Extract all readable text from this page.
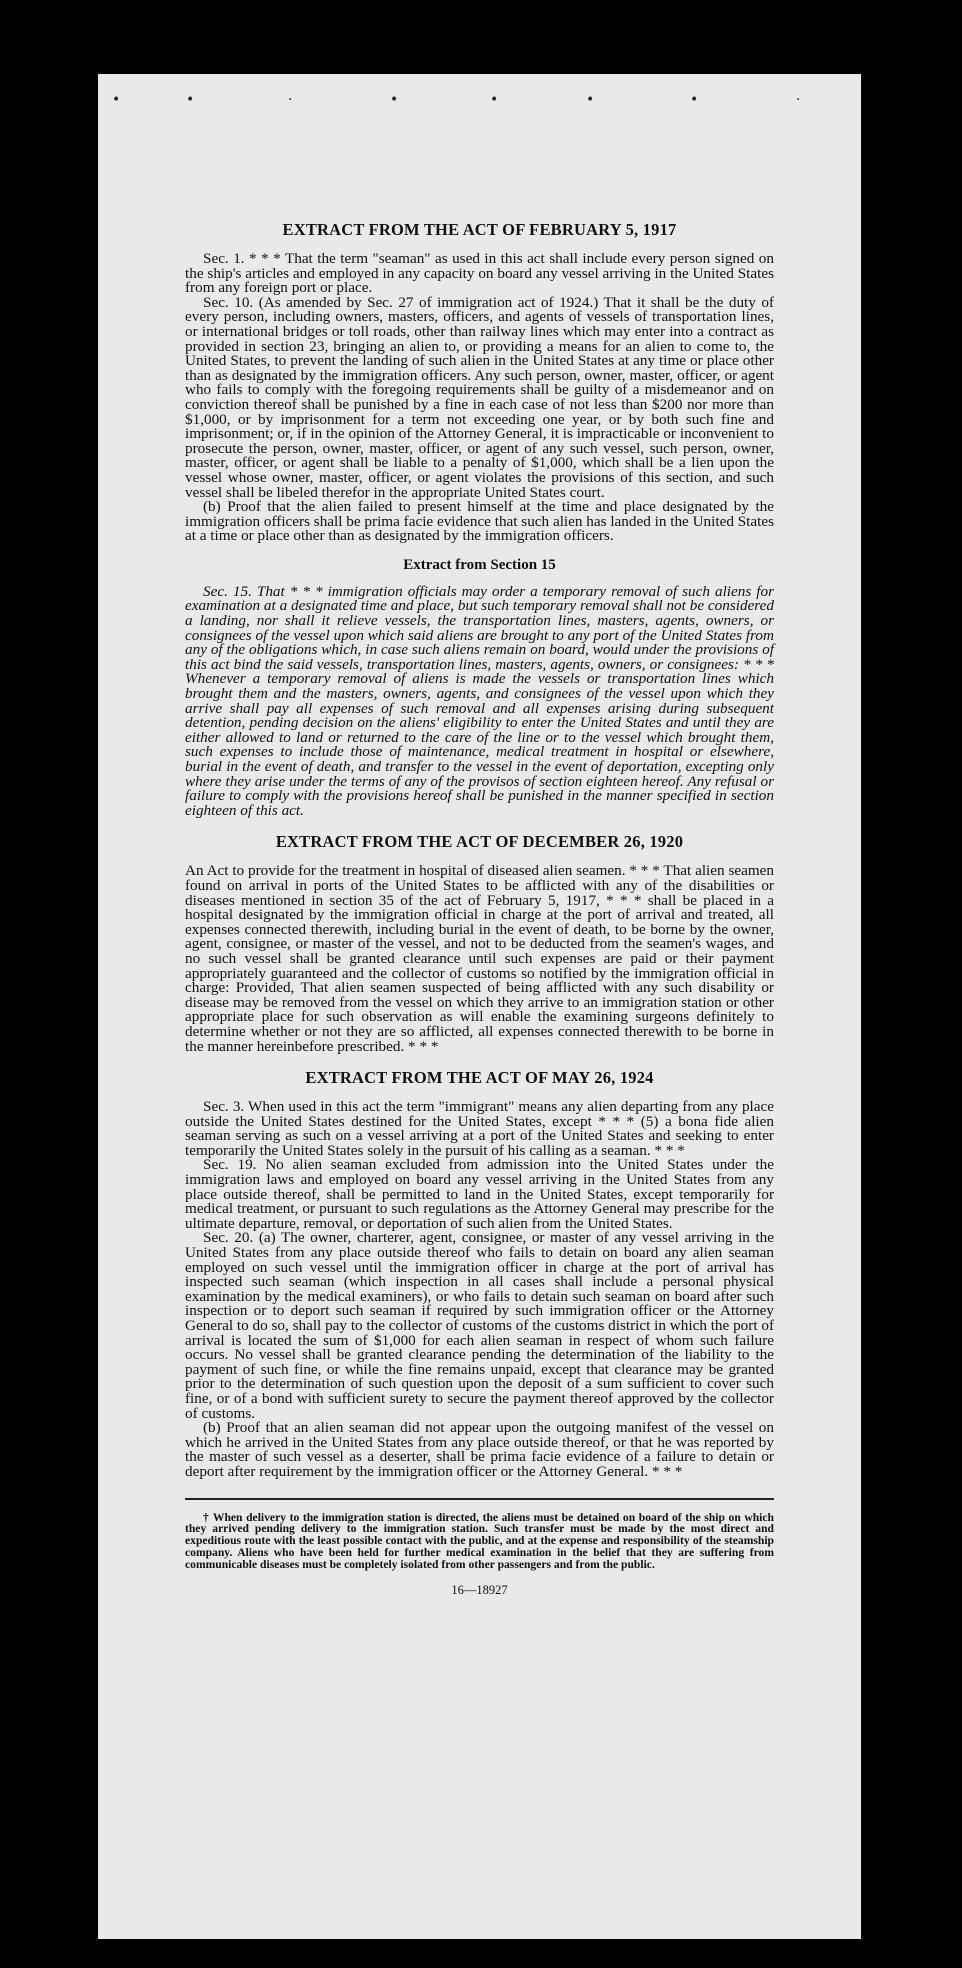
•	•	·	•	•	•	•	·
EXTRACT FROM THE ACT OF FEBRUARY 5, 1917

Sec. 1. * * * That the term "seaman" as used in this act shall include every person signed on the ship's articles and employed in any capacity on board any vessel arriving in the United States from any foreign port or place.

Sec. 10. (As amended by Sec. 27 of immigration act of 1924.) That it shall be the duty of every person, including owners, masters, officers, and agents of vessels of transportation lines, or international bridges or toll roads, other than railway lines which may enter into a contract as provided in section 23, bringing an alien to, or providing a means for an alien to come to, the United States, to prevent the landing of such alien in the United States at any time or place other than as designated by the immigration officers. Any such person, owner, master, officer, or agent who fails to comply with the foregoing requirements shall be guilty of a misdemeanor and on conviction thereof shall be punished by a fine in each case of not less than $200 nor more than $1,000, or by imprisonment for a term not exceeding one year, or by both such fine and imprisonment; or, if in the opinion of the Attorney General, it is impracticable or inconvenient to prosecute the person, owner, master, officer, or agent of any such vessel, such person, owner, master, officer, or agent shall be liable to a penalty of $1,000, which shall be a lien upon the vessel whose owner, master, officer, or agent violates the provisions of this section, and such vessel shall be libeled therefor in the appropriate United States court.

(b) Proof that the alien failed to present himself at the time and place designated by the immigration officers shall be prima facie evidence that such alien has landed in the United States at a time or place other than as designated by the immigration officers.

Extract from Section 15

Sec. 15. That * * * immigration officials may order a temporary removal of such aliens for examination at a designated time and place, but such temporary removal shall not be considered a landing, nor shall it relieve vessels, the transportation lines, masters, agents, owners, or consignees of the vessel upon which said aliens are brought to any port of the United States from any of the obligations which, in case such aliens remain on board, would under the provisions of this act bind the said vessels, transportation lines, masters, agents, owners, or consignees: * * * Whenever a temporary removal of aliens is made the vessels or transportation lines which brought them and the masters, owners, agents, and consignees of the vessel upon which they arrive shall pay all expenses of such removal and all expenses arising during subsequent detention, pending decision on the aliens' eligibility to enter the United States and until they are either allowed to land or returned to the care of the line or to the vessel which brought them, such expenses to include those of maintenance, medical treatment in hospital or elsewhere, burial in the event of death, and transfer to the vessel in the event of deportation, excepting only where they arise under the terms of any of the provisos of section eighteen hereof. Any refusal or failure to comply with the provisions hereof shall be punished in the manner specified in section eighteen of this act.

EXTRACT FROM THE ACT OF DECEMBER 26, 1920

An Act to provide for the treatment in hospital of diseased alien seamen. * * * That alien seamen found on arrival in ports of the United States to be afflicted with any of the disabilities or diseases mentioned in section 35 of the act of February 5, 1917, * * * shall be placed in a hospital designated by the immigration official in charge at the port of arrival and treated, all expenses connected therewith, including burial in the event of death, to be borne by the owner, agent, consignee, or master of the vessel, and not to be deducted from the seamen's wages, and no such vessel shall be granted clearance until such expenses are paid or their payment appropriately guaranteed and the collector of customs so notified by the immigration official in charge: Provided, That alien seamen suspected of being afflicted with any such disability or disease may be removed from the vessel on which they arrive to an immigration station or other appropriate place for such observation as will enable the examining surgeons definitely to determine whether or not they are so afflicted, all expenses connected therewith to be borne in the manner hereinbefore prescribed. * * *

EXTRACT FROM THE ACT OF MAY 26, 1924

Sec. 3. When used in this act the term "immigrant" means any alien departing from any place outside the United States destined for the United States, except * * * (5) a bona fide alien seaman serving as such on a vessel arriving at a port of the United States and seeking to enter temporarily the United States solely in the pursuit of his calling as a seaman. * * *

Sec. 19. No alien seaman excluded from admission into the United States under the immigration laws and employed on board any vessel arriving in the United States from any place outside thereof, shall be permitted to land in the United States, except temporarily for medical treatment, or pursuant to such regulations as the Attorney General may prescribe for the ultimate departure, removal, or deportation of such alien from the United States.

Sec. 20. (a) The owner, charterer, agent, consignee, or master of any vessel arriving in the United States from any place outside thereof who fails to detain on board any alien seaman employed on such vessel until the immigration officer in charge at the port of arrival has inspected such seaman (which inspection in all cases shall include a personal physical examination by the medical examiners), or who fails to detain such seaman on board after such inspection or to deport such seaman if required by such immigration officer or the Attorney General to do so, shall pay to the collector of customs of the customs district in which the port of arrival is located the sum of $1,000 for each alien seaman in respect of whom such failure occurs. No vessel shall be granted clearance pending the determination of the liability to the payment of such fine, or while the fine remains unpaid, except that clearance may be granted prior to the determination of such question upon the deposit of a sum sufficient to cover such fine, or of a bond with sufficient surety to secure the payment thereof approved by the collector of customs.

(b) Proof that an alien seaman did not appear upon the outgoing manifest of the vessel on which he arrived in the United States from any place outside thereof, or that he was reported by the master of such vessel as a deserter, shall be prima facie evidence of a failure to detain or deport after requirement by the immigration officer or the Attorney General. * * *

† When delivery to the immigration station is directed, the aliens must be detained on board of the ship on which they arrived pending delivery to the immigration station. Such transfer must be made by the most direct and expeditious route with the least possible contact with the public, and at the expense and responsibility of the steamship company. Aliens who have been held for further medical examination in the belief that they are suffering from communicable diseases must be completely isolated from other passengers and from the public.

16—18927
